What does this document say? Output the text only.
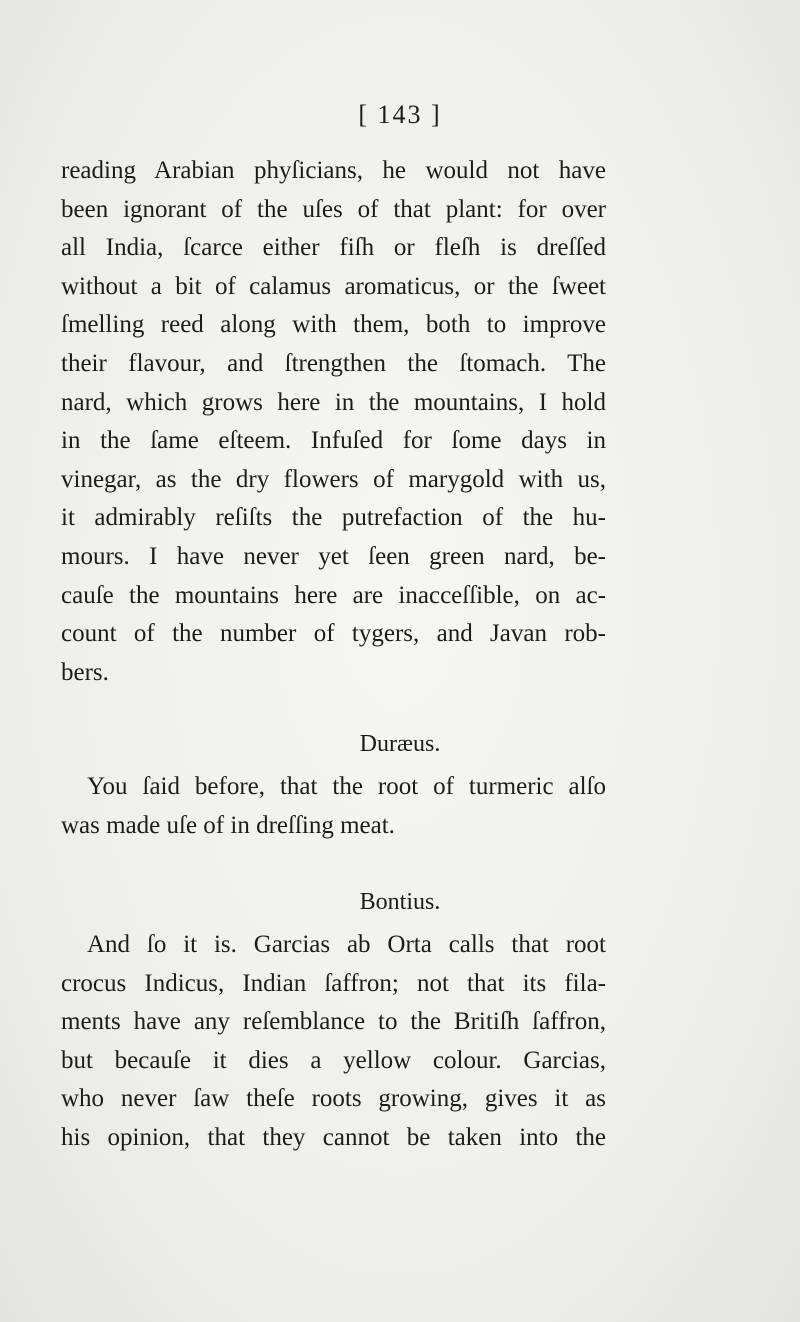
[ 143 ]
reading Arabian phyſicians, he would not have
been ignorant of the uſes of that plant: for over
all India, ſcarce either fiſh or fleſh is dreſſed
without a bit of calamus aromaticus, or the ſweet
ſmelling reed along with them, both to improve
their flavour, and ſtrengthen the ſtomach. The
nard, which grows here in the mountains, I hold
in the ſame eſteem. Infuſed for ſome days in
vinegar, as the dry flowers of marygold with us,
it admirably reſiſts the putrefaction of the hu-
mours. I have never yet ſeen green nard, be-
cauſe the mountains here are inacceſſible, on ac-
count of the number of tygers, and Javan rob-
bers.
Duræus.
You ſaid before, that the root of turmeric alſo
was made uſe of in dreſſing meat.
Bontius.
And ſo it is. Garcias ab Orta calls that root
crocus Indicus, Indian ſaffron; not that its fila-
ments have any reſemblance to the Britiſh ſaffron,
but becauſe it dies a yellow colour. Garcias,
who never ſaw theſe roots growing, gives it as
his opinion, that they cannot be taken into the
